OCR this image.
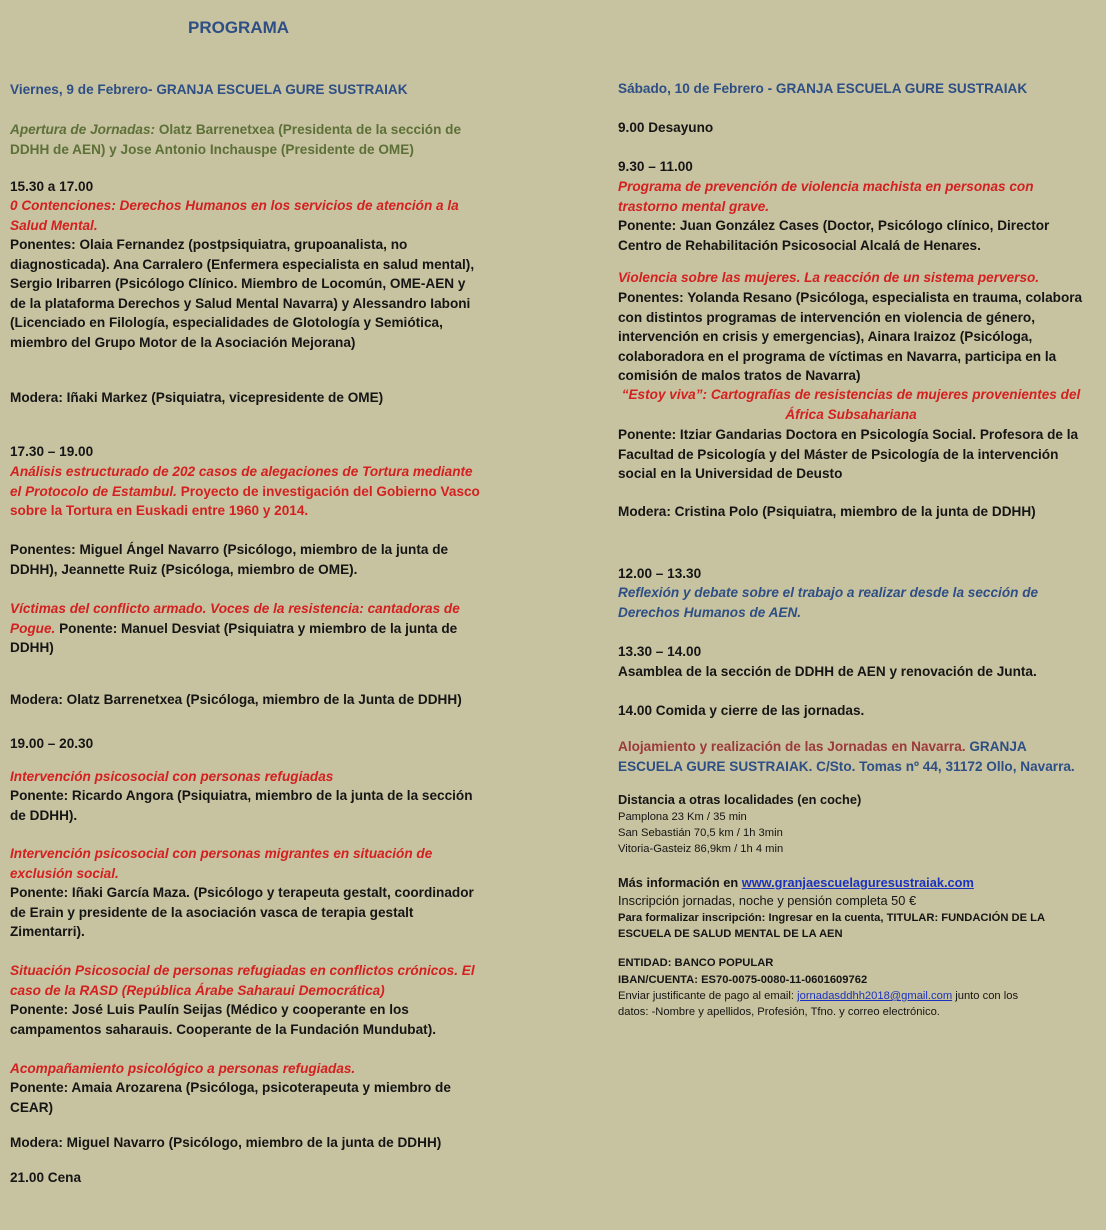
PROGRAMA
Viernes, 9 de Febrero- GRANJA ESCUELA GURE SUSTRAIAK
Apertura de Jornadas: Olatz Barrenetxea (Presidenta de la sección de DDHH de AEN) y Jose Antonio Inchauspe (Presidente de OME)
15.30 a 17.00
0 Contenciones: Derechos Humanos en los servicios de atención a la Salud Mental.
Ponentes: Olaia Fernandez (postpsiquiatra, grupoanalista, no diagnosticada). Ana Carralero (Enfermera especialista en salud mental), Sergio Iribarren (Psicólogo Clínico. Miembro de Locomún, OME-AEN y de la plataforma Derechos y Salud Mental Navarra) y Alessandro Iaboni (Licenciado en Filología, especialidades de Glotología y Semiótica, miembro del Grupo Motor de la Asociación Mejorana)
Modera: Iñaki Markez (Psiquiatra, vicepresidente de OME)
17.30 – 19.00
Análisis estructurado de 202 casos de alegaciones de Tortura mediante el Protocolo de Estambul. Proyecto de investigación del Gobierno Vasco sobre la Tortura en Euskadi entre 1960 y 2014.
Ponentes: Miguel Ángel Navarro (Psicólogo, miembro de la junta de DDHH), Jeannette Ruiz (Psicóloga, miembro de OME).
Víctimas del conflicto armado. Voces de la resistencia: cantadoras de Pogue. Ponente: Manuel Desviat (Psiquiatra y miembro de la junta de DDHH)
Modera: Olatz Barrenetxea (Psicóloga, miembro de la Junta de DDHH)
19.00 – 20.30
Intervención psicosocial con personas refugiadas
Ponente: Ricardo Angora (Psiquiatra, miembro de la junta de la sección de DDHH).
Intervención psicosocial con personas migrantes en situación de exclusión social.
Ponente: Iñaki García Maza. (Psicólogo y terapeuta gestalt, coordinador de Erain y presidente de la asociación vasca de terapia gestalt Zimentarri).
Situación Psicosocial de personas refugiadas en conflictos crónicos. El caso de la RASD (República Árabe Saharaui Democrática)
Ponente: José Luis Paulín Seijas (Médico y cooperante en los campamentos saharauis. Cooperante de la Fundación Mundubat).
Acompañamiento psicológico a personas refugiadas.
Ponente: Amaia Arozarena (Psicóloga, psicoterapeuta y miembro de CEAR)
Modera: Miguel Navarro (Psicólogo, miembro de la junta de DDHH)
21.00 Cena
Sábado, 10 de Febrero - GRANJA ESCUELA GURE SUSTRAIAK
9.00 Desayuno
9.30 – 11.00
Programa de prevención de violencia machista en personas con trastorno mental grave.
Ponente: Juan González Cases (Doctor, Psicólogo clínico, Director Centro de Rehabilitación Psicosocial Alcalá de Henares.
Violencia sobre las mujeres. La reacción de un sistema perverso.
Ponentes: Yolanda Resano (Psicóloga, especialista en trauma, colabora con distintos programas de intervención en violencia de género, intervención en crisis y emergencias), Ainara Iraizoz (Psicóloga, colaboradora en el programa de víctimas en Navarra, participa en la comisión de malos tratos de Navarra)
“Estoy viva”: Cartografías de resistencias de mujeres provenientes del África Subsahariana
Ponente: Itziar Gandarias Doctora en Psicología Social. Profesora de la Facultad de Psicología y del Máster de Psicología de la intervención social en la Universidad de Deusto
Modera: Cristina Polo (Psiquiatra, miembro de la junta de DDHH)
12.00 – 13.30
Reflexión y debate sobre el trabajo a realizar desde la sección de Derechos Humanos de AEN.
13.30 – 14.00
Asamblea de la sección de DDHH de AEN y renovación de Junta.
14.00 Comida y cierre de las jornadas.
Alojamiento y realización de las Jornadas en Navarra. GRANJA ESCUELA GURE SUSTRAIAK. C/Sto. Tomas nº 44, 31172 Ollo, Navarra.
Distancia a otras localidades (en coche)
Pamplona 23 Km / 35 min
San Sebastián 70,5 km / 1h 3min
Vitoria-Gasteiz 86,9km / 1h 4 min
Más información en www.granjaescuelaguresustraiak.com
Inscripción jornadas, noche y pensión completa 50 €
Para formalizar inscripción: Ingresar en la cuenta, TITULAR: FUNDACIÓN DE LA ESCUELA DE SALUD MENTAL DE LA AEN
ENTIDAD: BANCO POPULAR
IBAN/CUENTA: ES70-0075-0080-11-0601609762
Enviar justificante de pago al email: jornadasddhh2018@gmail.com junto con los datos: -Nombre y apellidos, Profesión, Tfno. y correo electrónico.
